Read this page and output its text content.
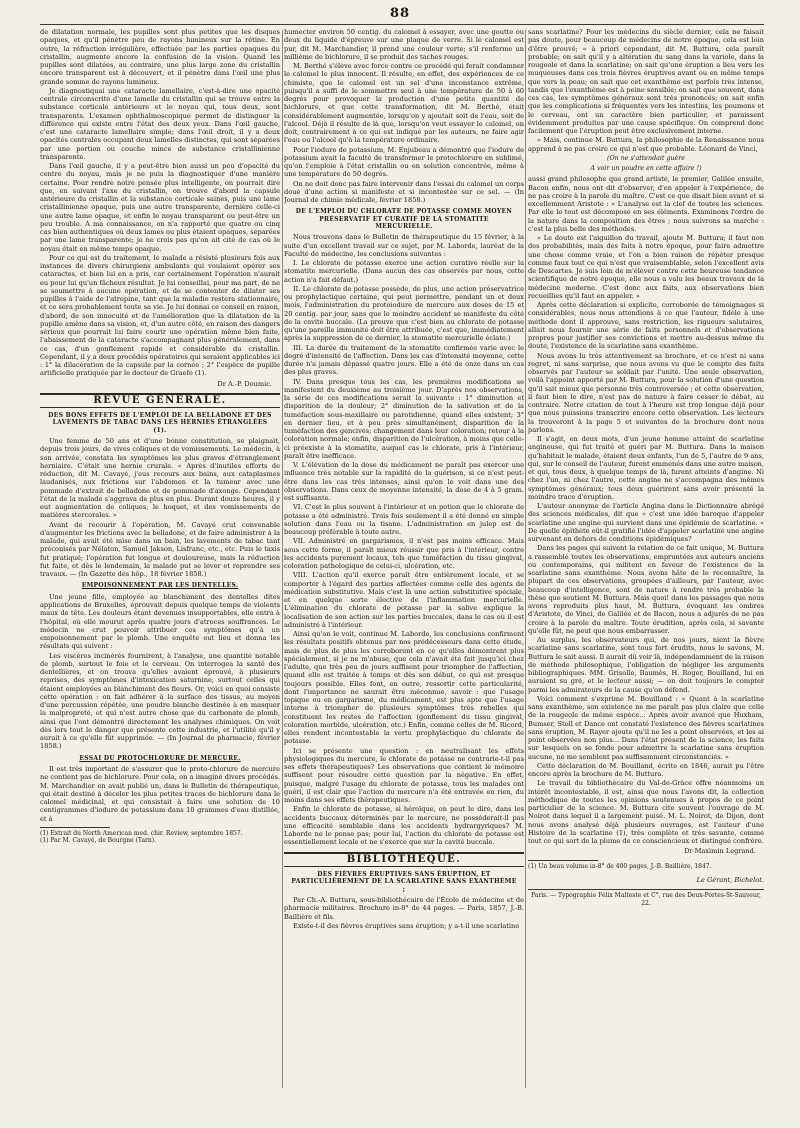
88

de dilatation normale, les pupilles sont plus petites que les disques opaques, et qu'il pénètre peu de rayons lumineux sur la rétine. En outre, la réfraction irrégulière, effectuée par les parties opaques du cristallin, augmente encore la confusion de la vision. Quand les pupilles sont dilatées, au contraire, une plus large zone du cristallin encore transparent est à découvert, et il pénètre dans l'œil une plus grande somme de rayons lumineux.

Je diagnostiquai une cataracte lamellaire, c'est-à-dire une opacité centrale circonscrite d'une lamelle du cristallin qui se trouve entre la substance corticale antérieure et le noyau qui, tous deux, sont transparents. L'examen ophthalmoscopique permet de distinguer la différence qui existe entre l'état des deux yeux. Dans l'œil gauche, c'est une cataracte lamellaire simple; dans l'œil droit, il y a deux opacités centrales occupant deux lamelles distinctes, qui sont séparées par une portion ou couche mince de substance cristallinienne transparente.

Dans l'œil gauche, il y a peut-être bien aussi un peu d'opacité du centre du noyau, mais je ne puis la diagnostiquer d'une manière certaine. Pour rendre notre pensée plus intelligente, on pourrait dire que, en suivant l'axe du cristallin, on trouve d'abord la capsule antérieure du cristallin et la substance corticale saines, puis une lame cristallinienne opaque, puis une autre transparente, dernière celle-ci une autre lame opaque, et enfin le noyau transparent ou peut-être un peu trouble. A ma connaissance, on n'a rapporté que quatre ou cinq cas bien authentiques où deux lames ou plus étaient opaques, séparées par une lame transparente; je ne crois pas qu'on ait cité de cas où le noyau était en même temps opaque.

Pour ce qui est du traitement, le malade a résisté plusieurs fois aux instances de divers chirurgiens ambulants qui voulaient opérer ses cataractes, et bien lui en a pris, car certainement l'opération n'aurait eu pour lui qu'un fâcheux résultat. Je lui conseillai, pour ma part, de ne se soumettre à aucune opération, et de se contenter de dilater ses pupilles à l'aide de l'atropine, tant que la maladie restera stationnaire, et ce sera probablement toute sa vie. Je lui donnai ce conseil en raison, d'abord, de son innocuité et de l'amélioration que la dilatation de la pupille amène dans sa vision, et, d'un autre côté, en raison des dangers sérieux que pourrait lui faire courir une opération même bien faite, l'abaissement de la cataracte s'accompagnant plus généralement, dans ce cas, d'un gonflement rapide et considérable du cristallin. Cependant, il y a deux procédés opératoires qui seraient applicables ici : 1° la dilacération de la capsule par la cornée ; 2° l'espèce de pupille artificielle pratiquée par le docteur de Graefe (1).

Dr A.-P. Doumic.
REVUE GÉNÉRALE.
DES BONS EFFETS DE L'EMPLOI DE LA BELLADONE ET DES LAVEMENTS DE TABAC DANS LES HERNIES ÉTRANGLÉES (1).

Une femme de 50 ans et d'une bonne constitution, se plaignait, depuis trois jours, de vives coliques et de vomissements. Le médecin, à son arrivée, constata les symptômes les plus graves d'étranglement herniaire. C'était une hernie crurale. « Après d'inutiles efforts de réduction, dit M. Cavayé, j'eus recours aux bains, aux cataplasmes laudanisés, aux frictions sur l'abdomen et la tumeur avec une pommade d'extrait de belladone et de pommade d'axonge. Cependant l'état de la malade s'aggrava de plus en plus. Durant douze heures, il y eut augmentation de coliques, le hoquet, et des vomissements de matières stercorales. »

Avant de recourir à l'opération, M. Cavayé crut convenable d'augmenter les frictions avec la belladone, et de faire administrer à la malade, qui avait été mise dans un bain, les lavements de tabac tant préconisés par Nélaton, Samuel Jakson, Lisfranc, etc., etc. Puis le taxis fut pratiqué; l'opération fut longue et douloureuse, mais la réduction fut faite, et dès le lendemain, la malade put se lever et reprendre ses travaux. — (In Gazette des hôp., 18 février 1858.)

EMPOISONNEMENT PAR LES DENTELLES.

Une jeune fille, employée au blanchiment des dentelles dites applications de Bruxelles, éprouvait depuis quelque temps de violents maux de tête. Les douleurs étant devenues insupportables, elle entra à l'hôpital, où elle mourut après quatre jours d'atroces souffrances. Le médecin ne crut pouvoir attribuer ces symptômes qu'à un empoisonnement par le plomb. Une enquête eut lieu et donna les résultats qui suivent :

Les viscères incinérés fournirent, à l'analyse, une quantité notable de plomb, surtout le foie et le cerveau. On interrogea la santé des dentellières, et on trouva qu'elles avaient éprouvé, à plusieurs reprises, des symptômes d'intoxication saturnine, surtout celles qui étaient employées au blanchiment des fleurs. Or, voici en quoi consiste cette opération : on fait adhérer à la surface des tissus, au moyen d'une percussion répétée, une poudre blanche destinée à en masquer la malpropreté, et qui n'est autre chose que du carbonate de plomb, ainsi que l'ont démontré directement les analyses chimiques. On voit dès lors tout le danger que présente cette industrie, et l'utilité qu'il y aurait à ce qu'elle fût supprimée. — (In Journal de pharmacie, février 1858.)

ESSAI DU PROTOCHLORURE DE MERCURE.

Il est très important de s'assurer que le proto-chlorure de mercure ne contient pas de bichlorure. Pour cela, on a imaginé divers procédés. M. Marchandier en avait publié un, dans le Bulletin de thérapeutique, qui était destiné à déceler les plus petites traces de bichlorure dans le calomel médicinal, et qui consistait à faire une solution de 10 centigrammes d'iodure de potassium dans 10 grammes d'eau distillée, et à

(1) Extrait du North American med. chir. Review, septembre 1857.

(1) Par M. Cavayé, de Bourgne (Tarn).

humecter environ 50 centig. du calomel à essayer, avec une goutte ou deux du liquide d'épreuve sur une plaque de verre. Si le calomel est pur, dit M. Marchandier, il prend une couleur verte; s'il renferme un millième de bichlorure, il se produit des taches rouges.

M. Berthé s'élève avec force contre ce procédé qui ferait condamner le calomel le plus innocent. Il résulte, en effet, des expériences de ce chimiste, que le calomel est un sel d'une inconstance extrême, puisqu'il a suffi de le sommettre seul à une température de 50 à 60 degrés pour provoquer la production d'une petite quantité de bichlorure, et que cette transformation, dit M. Berthé, était considérablement augmentée, lorsqu'on y ajoutait soit de l'eau, soit de l'alcool. Déjà il résulte de là que, lorsqu'on veut essayer le calomel, on doit, contrairement à ce qui est indiqué par les auteurs, ne faire agir l'eau ou l'alcool qu'à la température ordinaire.

Pour l'iodure de potassium, M. Enjubeau a démontré que l'iodure de potassium avait la faculté de transformer le protochlorure en sublimé, qu'on l'emploie à l'état cristallin ou en solution concentrée, même à une température de 50 degrés.

On ne doit donc pas faire intervenir dans l'essai du calomel un corps doué d'une action si manifeste et si incontestée sur ce sel. — (In Journal de chimie médicale, février 1858.)

DE L'EMPLOI DU CHLORATE DE POTASSE COMME MOYEN PRÉSERVATIF ET CURATIF DE LA STOMATITE MERCURIELLE.

Nous trouvons dans le Bulletin de thérapeutique du 15 février, à la suite d'un excellent travail sur ce sujet, par M. Laborde, lauréat de la Faculté de médecine, les conclusions suivantes :

I. Le chlorate de potasse exerce une action curative réelle sur la stomatite mercurielle. (Dans aucun des cas observés par nous, cette action n'a fait défaut.)

II. Le chlorate de potasse possède, de plus, une action préservatrice ou prophylactique certaine, qui peut permettre, pendant un et deux mois, l'administration du protoiodure de mercure aux doses de 15 et 20 centig. par jour, sans que le moindre accident se manifeste du côté de la cavité buccale. (La preuve que c'est bien au chlorate de potasse qu'une pareille immunité doit être attribuée, c'est que, immédiatement après la suppression de ce dernier, la stomatite mercurielle éclate.)

III. La durée du traitement de la stomatite confirmée varie avec le degré d'intensité de l'affection. Dans les cas d'intensité moyenne, cette durée n'a jamais dépassé quatre jours. Elle a été de onze dans un cas des plus graves.

IV. Dans presque tous les cas, les premières modifications se manifestent du deuxième au troisième jour. D'après nos observations, la série de ces modifications serait la suivante : 1° diminution et disparition de la douleur; 2° diminution de la salivation et de la tuméfaction sous-maxillaire ou parotidienne, quand elles existent; 3° en dernier lieu, et à peu près simultanément, disparition de la tuméfaction des gencives; changement dans leur coloration; retour à la coloration normale; enfin, disparition de l'ulcération, à moins que celle-ci préexiste à la stomatite, auquel cas le chlorate, pris à l'intérieur, paraît être inefficace.

V. L'élévation de la dose du médicament ne paraît pas exercer une influence très notable sur la rapidité de la guérison, si ce n'est peut-être dans les cas très intenses, ainsi qu'on le voit dans une des observations. Dans ceux de moyenne intensité, la dose de 4 à 5 gram. est suffisante.

VI. C'est le plus souvent à l'intérieur et en potion que le chlorate de potasse a été administré. Trois fois seulement il a été donné en simple solution dans l'eau ou la tisane. L'administration en julep est de beaucoup préférable à toute autre.

VII. Administré en gargarismes, il n'est pas moins efficace. Mais sous cette forme, il paraît mieux réussir que pris à l'intérieur, contre les accidents purement locaux, tels que tuméfaction du tissu gingival, coloration pathologique de celui-ci, ulcération, etc.

VIII. L'action qu'il exerce paraît être entièrement locale, et se comporter à l'égard des parties affectées comme celle des agents de médication substitutive. Mais c'est là une action substitutive spéciale, et en quelque sorte élective de l'inflammation mercurielle. L'élimination du chlorate de potasse par la salive explique la localisation de son action sur les parties buccales, dans le cas où il est administré à l'intérieur.

Ainsi qu'on le voit, continue M. Laborde, les conclusions confirment les résultats positifs obtenus par nos prédécesseurs dans cette étude, mais de plus de plus les corroborent en ce qu'elles démontrent plus spécialement, si je ne m'abuse, que cela n'avait été fait jusqu'ici chez l'adulte, que très peu de jours suffisent pour triompher de l'affection, quand elle est traitée à temps et dès son début, ce qui est presque toujours possible. Elles font, en outre, ressortir cette particularité, dont l'importance ne saurait être méconnue, savoir : que l'usage topique ou en gargarisme, du médicament, est plus apte que l'usage interne à triompher de plusieurs symptômes très rebelles qui constituent les restes de l'affection (gonflement du tissu gingival, coloration morbide, ulcération, etc.) Enfin, comme celles de M. Ricord, elles rendent incontestable la vertu prophylactique du chlorate de potasse.

Ici se présente une question : en neutralisant les effets physiologiques du mercure, le chlorate de potasse ne contrarie-t-il pas ses effets thérapeutiques? Les observations que contient le mémoire suffisent pour résoudre cette question par la négative. En effet, puisque, malgré l'usage du chlorate de potasse, tous les malades ont guéri, il est clair que l'action du mercure n'a été entravée en rien, du moins dans ses effets thérapeutiques.

Enfin le chlorate de potasse, si héroïque, on peut le dire, dans les accidents buccaux déterminés par le mercure, ne posséderait-il pas une efficacité semblable dans les accidents hydrargyriques? M. Laborde ne le pense pas; pour lui, l'action du chlorate de potasse est essentiellement locale et ne s'exerce que sur la cavité buccale.

BIBLIOTHÈQUE.
DES FIÈVRES ÉRUPTIVES SANS ÉRUPTION, ET PARTICULIÈREMENT DE LA SCARLATINE SANS EXANTHÈME ;

Par Ch.-A. Buttura, sous-bibliothécaire de l'École de médecine et de pharmacie militaires. Brochure in-8° de 44 pages. — Paris, 1857, J.-B. Baillière et fils.

Existe-t-il des fièvres éruptives sans éruption; y a-t-il une scarlatine

sans scarlatine? Pour les médecins du siècle dernier, cela ne faisait pas doute, pour beaucoup de médecins de notre époque, cela est loin d'être prouvé; « à priori cependant, dit M. Buttura, cela paraît probable; on sait qu'il y a altération du sang dans la variole, dans la rougeole et dans la scarlatine; on sait qu'une éruption a lieu vers les muqueuses dans ces trois fièvres éruptives avant ou en même temps que vers la peau; on sait que cet exanthème est parfois très intense, tandis que l'exanthème est à peine sensible; on sait que souvent, dans ces cas, les symptômes généraux sont très prononcés; on sait enfin que les complications si fréquentes vers les intestins, les poumons et le cerveau, ont un caractère bien particulier, et paraissent évidemment produites par une cause spécifique. On comprend donc facilement que l'éruption peut être exclusivement interne.

» Mais, continue M. Buttura, la philosophie de la Renaissance nous apprend à ne pas croire ce qui n'est que probable. Léonard de Vinci,

(On ne s'attendait guère
A voir un poudre en cette affaire !)

aussi grand philosophe que grand artiste, le premier, Galilée ensuite, Bacon enfin, nous ont dit d'observer, d'en appeler à l'expérience, de ne pas croire à la parole du maître. C'est ce que disait bien avant et si excellemment Aristote : « L'analyse est la clef de toutes les sciences. Par elle le tout est décomposé en ses éléments. Examinons l'ordre de la nature dans la composition des êtres ; nous suivrons sa marche : c'est la plus belle des méthodes.

» Le doute est l'aiguillon du travail, ajoute M. Buttura; il faut non des probabilités, mais des faits à notre époque, pour faire admettre une chose comme vraie, et l'on a bien raison de répéter presque comme faux tout ce qui n'est que vraisemblable, selon l'excellent avis de Descartes. Je suis loin de m'élever contre cette heureuse tendance scientifique de notre époque, elle nous a valu les beaux travaux de la médecine moderne. C'est donc aux faits, aux observations bien recueillies qu'il faut en appeler. »

Après cette déclaration si explicite, corroborée de témoignages si considérables, nous nous attendions à ce que l'auteur, fidèle à une méthode dont il approuve, sans restriction, les rigueurs salutaires, allait nous fournir une série de faits personnels et d'observations propres pour justifier ses convictions et mettre au-dessus même du doute, l'existence de la scarlatine sans exanthème.

Nous avons lu très attentivement sa brochure, et ce n'est ni sans regret, ni sans surprise, que nous avons vu que le compte des faits observés par l'auteur se soldait par l'unité. Une seule observation, voilà l'appoint apporté par M. Buttura, pour la solution d'une question qu'il sait mieux que personne très controversée ; et cette observation, il faut bien le dire, n'est pas de nature à faire cesser le débat, au contraire. Notre citation de tout à l'heure est trop longue déjà pour que nous puissions transcrire encore cette observation. Les lecteurs la trouveront à la page 5 et suivantes de la brochure dont nous parlons.

Il s'agit, en deux mots, d'un jeune homme atteint de scarlatine angineuse, qui fut traité et guéri par M. Buttura. Dans la maison qu'habitait le malade, étaient deux enfants, l'un de 5, l'autre de 9 ans, qui, sur le conseil de l'auteur, furent emmenés dans une autre maison, et qui, tous deux, à quelque temps de là, furent atteints d'angine. Ni chez l'un, ni chez l'autre, cette angine ne s'accompagna des mêmes symptômes généraux; tous deux guérirent sans avoir présenté la moindre trace d'éruption.

L'auteur anonyme de l'article Angina dans le Dictionnaire abrégé des sciences médicales, dit que « c'est une idée baroque d'appeler scarlatine une angine qui survient dans une épidémie de scarlatine. » De quelle épithète eût-il gratifié l'idée d'appeler scarlatine une angine survenant en dehors de conditions épidémiques?

Dans les pages qui suivent la relation de ce fait unique, M. Buttura a rassemblé toutes les observations, empruntées aux auteurs anciens ou contemporains, qui militent en faveur de l'existence de la scarlatine sans exanthème. Nous avons hâte de le reconnaître, la plupart de ces observations, groupées d'ailleurs, par l'auteur, avec beaucoup d'intelligence, sont de nature à rendre très probable la thèse que soutient M. Buttura. Mais quoi! dans les passages que nous avons reproduits plus haut, M. Buttura, évoquant les ombres d'Aristote, de Vinci, de Galilée et de Bacon, nous a adjurés de ne pas croire à la parole du maître. Toute érudition, après cela, si savante qu'elle fût, ne peut que nous embarrasser.

Au surplus, les observateurs qui, de nos jours, nient la fièvre scarlatine sans scarlatine, sont tous fort érudits, nous le savons, M. Buttura le sait aussi. Il aurait dû voir là, indépendamment de la raison de méthode philosophique, l'obligation de négliger les arguments bibliographiques. MM. Grisolle, Baumès, H. Roger, Bouilland, lui en auraient su gré, et le lecteur aussi; — on doit toujours le compter parmi les admirateurs de la cause qu'on défend.

Voici comment s'exprime M. Bouilland : « Quant à la scarlatine sans exanthème, son existence ne me paraît pas plus claire que celle de la rougeole de même espèce... Après avoir avancé que Huxham, Bumser, Stoll et Dance ont constaté l'existence des fièvres scarlatines sans éruption, M. Rayer ajoute qu'il ne les a point observées, et les ai point observées non plus... Dans l'état présent de la science, les faits sur lesquels on se fonde pour admettre la scarlatine sans éruption aucune, ne me semblent pas suffisamment circonstanciés. »

Cette déclaration de M. Bouilland, écrite en 1846, aurait pu l'être encore après la brochure de M. Buttura.

Le travail du bibliothécaire du Val-de-Grâce offre néanmoins un intérêt incontestable, il est, ainsi que nous l'avons dit, la collection méthodique de toutes les opinions soutenues à propos de ce point particulier de la science. M. Buttura cite souvent l'ouvrage de M. Noirot dans lequel il a largement puisé. M. L. Noirot, de Dijon, dont nous avons analysé déjà plusieurs ouvrages, est l'auteur d'une Histoire de la scarlatine (1), très complète et très savante, comme tout ce qui sort de la plume de ce consciencieux et distingué confrère.

Dr Maximin Legrand.

(1) Un beau volume in-8° de 400 pages, J.-B. Baillière, 1847.

Le Gérant, Bichelot.
Paris. — Typographie Félix Malteste et C°, rue des Deux-Portes-St-Sauveur, 22.
